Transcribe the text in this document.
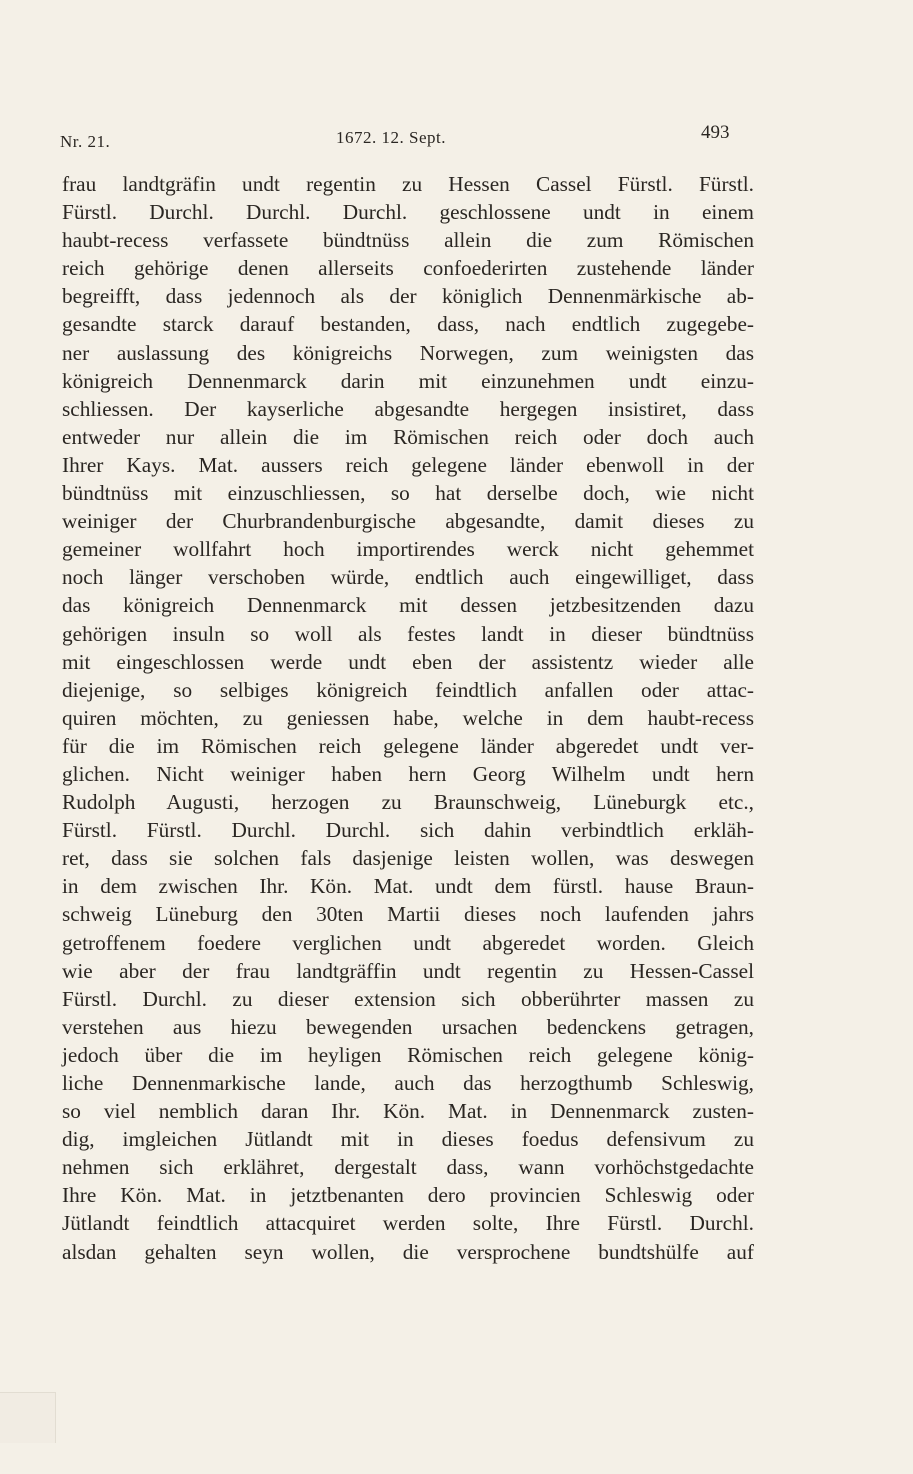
Nr. 21.	1672. 12. Sept.	493
frau landtgräfin undt regentin zu Hessen Cassel Fürstl. Fürstl.
Fürstl. Durchl. Durchl. Durchl. geschlossene undt in einem
haubt-recess verfassete bündtnüss allein die zum Römischen
reich gehörige denen allerseits confoederirten zustehende länder
begreifft, dass jedennoch als der königlich Dennenmärkische ab-
gesandte starck darauf bestanden, dass, nach endtlich zugegebe-
ner auslassung des königreichs Norwegen, zum weinigsten das
königreich Dennenmarck darin mit einzunehmen undt einzu-
schliessen. Der kayserliche abgesandte hergegen insistiret, dass
entweder nur allein die im Römischen reich oder doch auch
Ihrer Kays. Mat. aussers reich gelegene länder ebenwoll in der
bündtnüss mit einzuschliessen, so hat derselbe doch, wie nicht
weiniger der Churbrandenburgische abgesandte, damit dieses zu
gemeiner wollfahrt hoch importirendes werck nicht gehemmet
noch länger verschoben würde, endtlich auch eingewilliget, dass
das königreich Dennenmarck mit dessen jetzbesitzenden dazu
gehörigen insuln so woll als festes landt in dieser bündtnüss
mit eingeschlossen werde undt eben der assistentz wieder alle
diejenige, so selbiges königreich feindtlich anfallen oder attac-
quiren möchten, zu geniessen habe, welche in dem haubt-recess
für die im Römischen reich gelegene länder abgeredet undt ver-
glichen. Nicht weiniger haben hern Georg Wilhelm undt hern
Rudolph Augusti, herzogen zu Braunschweig, Lüneburgk etc.,
Fürstl. Fürstl. Durchl. Durchl. sich dahin verbindtlich erkläh-
ret, dass sie solchen fals dasjenige leisten wollen, was deswegen
in dem zwischen Ihr. Kön. Mat. undt dem fürstl. hause Braun-
schweig Lüneburg den 30ten Martii dieses noch laufenden jahrs
getroffenem foedere verglichen undt abgeredet worden. Gleich
wie aber der frau landtgräffin undt regentin zu Hessen-Cassel
Fürstl. Durchl. zu dieser extension sich obberührter massen zu
verstehen aus hiezu bewegenden ursachen bedenckens getragen,
jedoch über die im heyligen Römischen reich gelegene könig-
liche Dennenmarkische lande, auch das herzogthumb Schleswig,
so viel nemblich daran Ihr. Kön. Mat. in Dennenmarck zusten-
dig, imgleichen Jütlandt mit in dieses foedus defensivum zu
nehmen sich erklähret, dergestalt dass, wann vorhöchstgedachte
Ihre Kön. Mat. in jetztbenanten dero provincien Schleswig oder
Jütlandt feindtlich attacquiret werden solte, Ihre Fürstl. Durchl.
alsdan gehalten seyn wollen, die versprochene bundtshülfe auf
